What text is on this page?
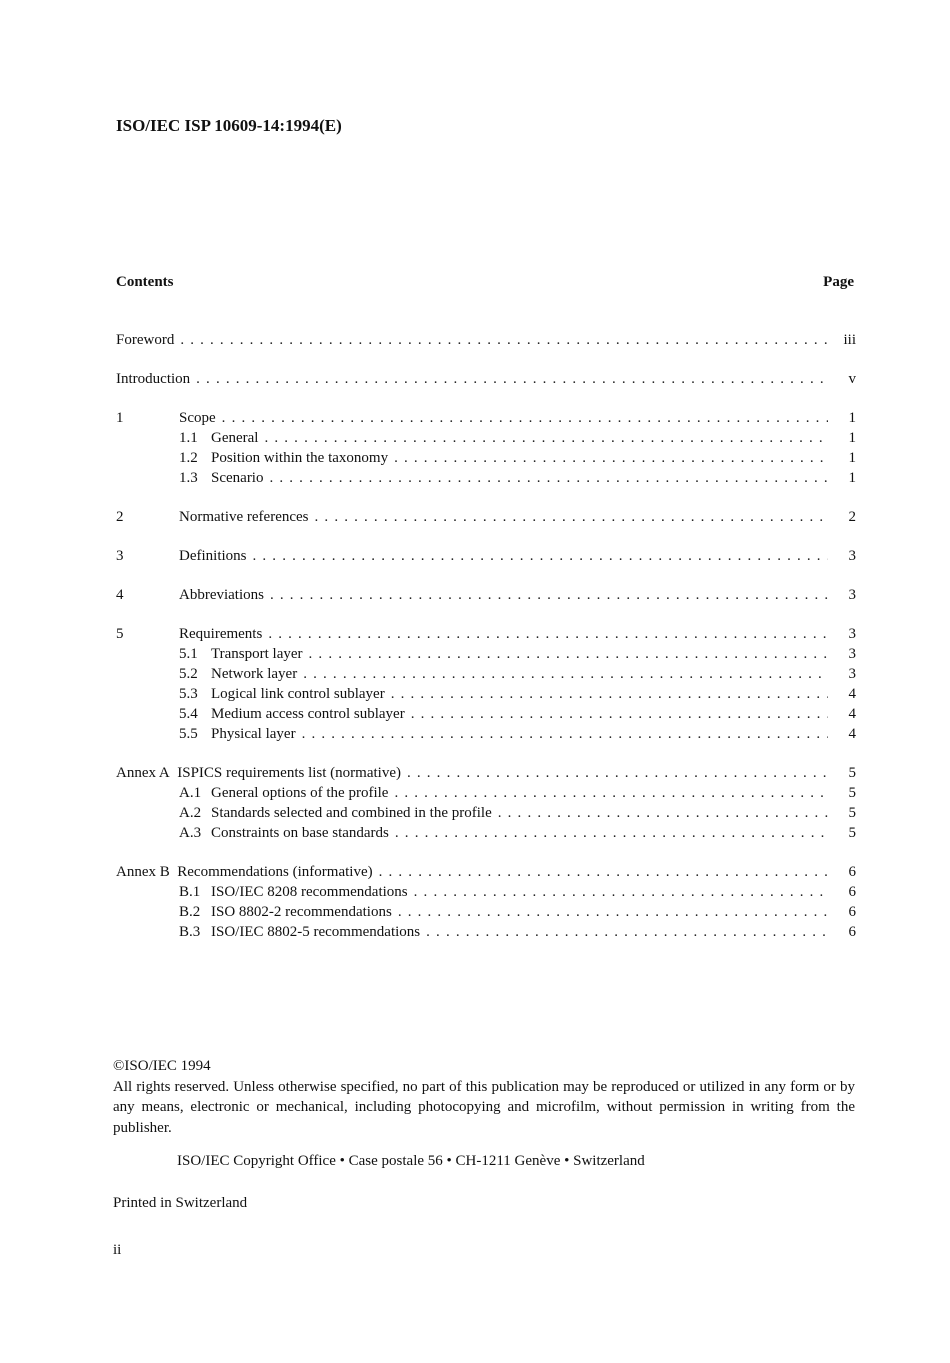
ISO/IEC ISP 10609-14:1994(E)
Contents	Page
Foreword . . .	iii
Introduction . . .	v
1	Scope . . .	1
1.1 General . . .	1
1.2 Position within the taxonomy . . .	1
1.3 Scenario . . .	1
2	Normative references . . .	2
3	Definitions . . .	3
4	Abbreviations . . .	3
5	Requirements . . .	3
5.1 Transport layer . . .	3
5.2 Network layer . . .	3
5.3 Logical link control sublayer . . .	4
5.4 Medium access control sublayer . . .	4
5.5 Physical layer . . .	4
Annex A ISPICS requirements list (normative) . . .	5
A.1 General options of the profile . . .	5
A.2 Standards selected and combined in the profile . . .	5
A.3 Constraints on base standards . . .	5
Annex B Recommendations (informative) . . .	6
B.1 ISO/IEC 8208 recommendations . . .	6
B.2 ISO 8802-2 recommendations . . .	6
B.3 ISO/IEC 8802-5 recommendations . . .	6

©ISO/IEC 1994

All rights reserved. Unless otherwise specified, no part of this publication may be reproduced or utilized in any form or by any means, electronic or mechanical, including photocopying and microfilm, without permission in writing from the publisher.

ISO/IEC Copyright Office • Case postale 56 • CH-1211 Genève • Switzerland
Printed in Switzerland
ii
